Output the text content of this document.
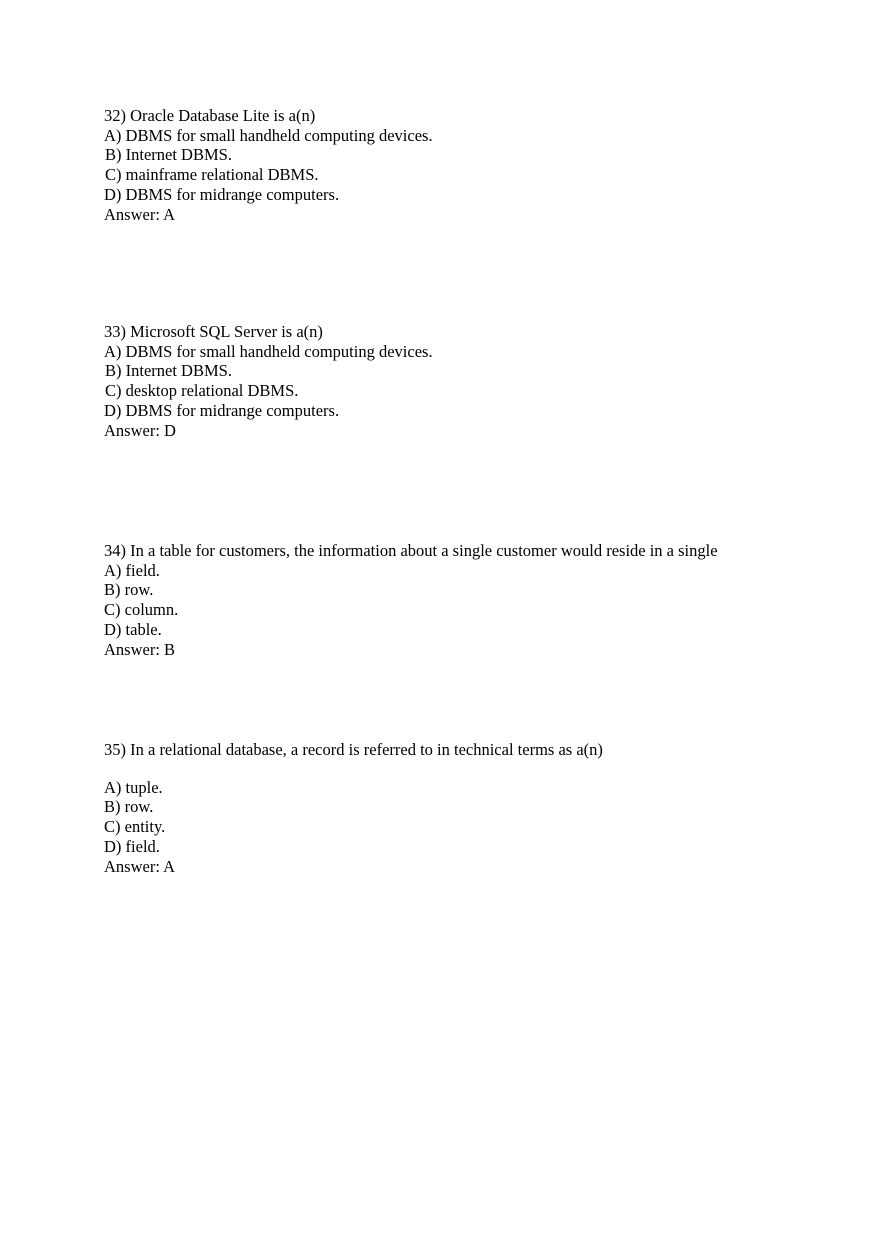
32) Oracle Database Lite is a(n)
A) DBMS for small handheld computing devices.
B) Internet DBMS.
C) mainframe relational DBMS.
D) DBMS for midrange computers.
Answer: A
33) Microsoft SQL Server is a(n)
A) DBMS for small handheld computing devices.
B) Internet DBMS.
C) desktop relational DBMS.
D) DBMS for midrange computers.
Answer: D
34) In a table for customers, the information about a single customer would reside in a single
A) field.
B) row.
C) column.
D) table.
Answer: B
35) In a relational database, a record is referred to in technical terms as a(n)
A) tuple.
B) row.
C) entity.
D) field.
Answer: A
